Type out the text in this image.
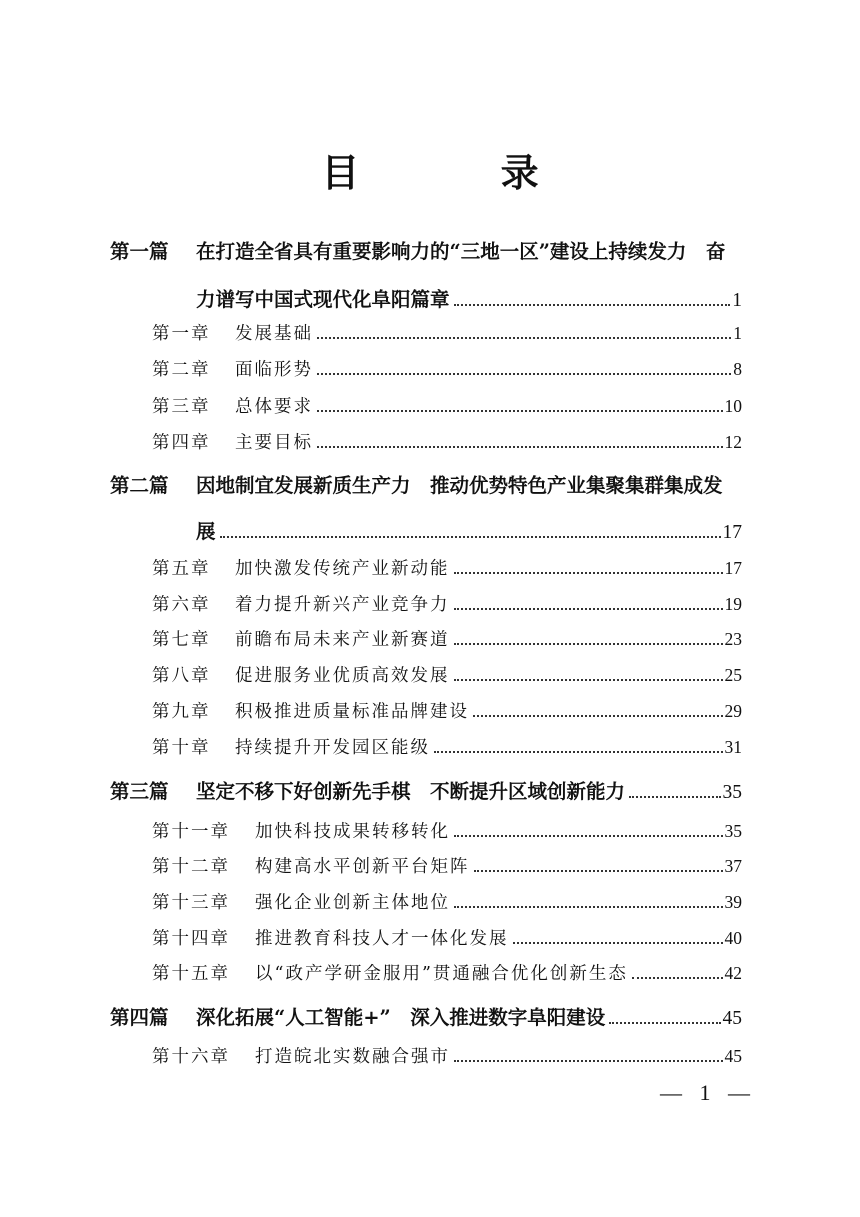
目 录
第一篇	在打造全省具有重要影响力的“三地一区”建设上持续发力　奋
力谱写中国式现代化阜阳篇章	1
第一章	发展基础	1
第二章	面临形势	8
第三章	总体要求	10
第四章	主要目标	12
第二篇	因地制宜发展新质生产力　推动优势特色产业集聚集群集成发
展	17
第五章	加快激发传统产业新动能	17
第六章	着力提升新兴产业竞争力	19
第七章	前瞻布局未来产业新赛道	23
第八章	促进服务业优质高效发展	25
第九章	积极推进质量标准品牌建设	29
第十章	持续提升开发园区能级	31
第三篇	坚定不移下好创新先手棋　不断提升区域创新能力	35
第十一章	加快科技成果转移转化	35
第十二章	构建高水平创新平台矩阵	37
第十三章	强化企业创新主体地位	39
第十四章	推进教育科技人才一体化发展	40
第十五章	以“政产学研金服用”贯通融合优化创新生态	42
第四篇	深化拓展“人工智能+”　深入推进数字阜阳建设	45
第十六章	打造皖北实数融合强市	45
— 1 —
